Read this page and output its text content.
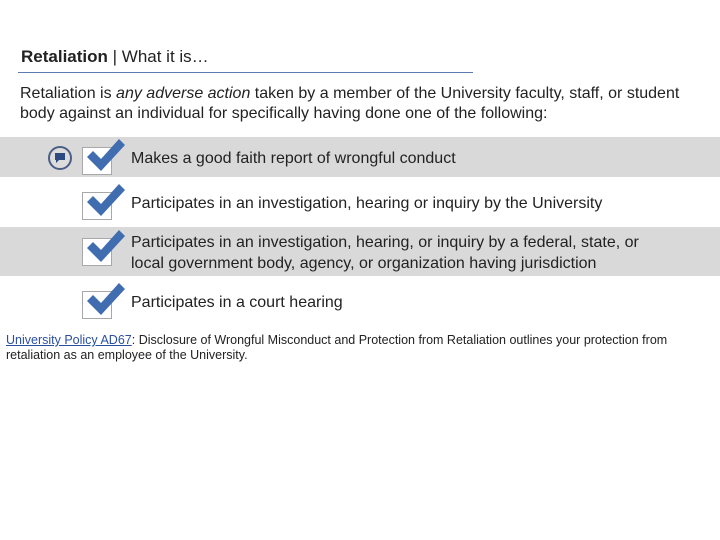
Retaliation | What it is…
Retaliation is any adverse action taken by a member of the University faculty, staff, or student body against an individual for specifically having done one of the following:
Makes a good faith report of wrongful conduct
Participates in an investigation, hearing or inquiry by the University
Participates in an investigation, hearing, or inquiry by a federal, state, or
local government body, agency, or organization having jurisdiction
Participates in a court hearing
University Policy AD67: Disclosure of Wrongful Misconduct and Protection from Retaliation outlines your protection from retaliation as an employee of the University.
